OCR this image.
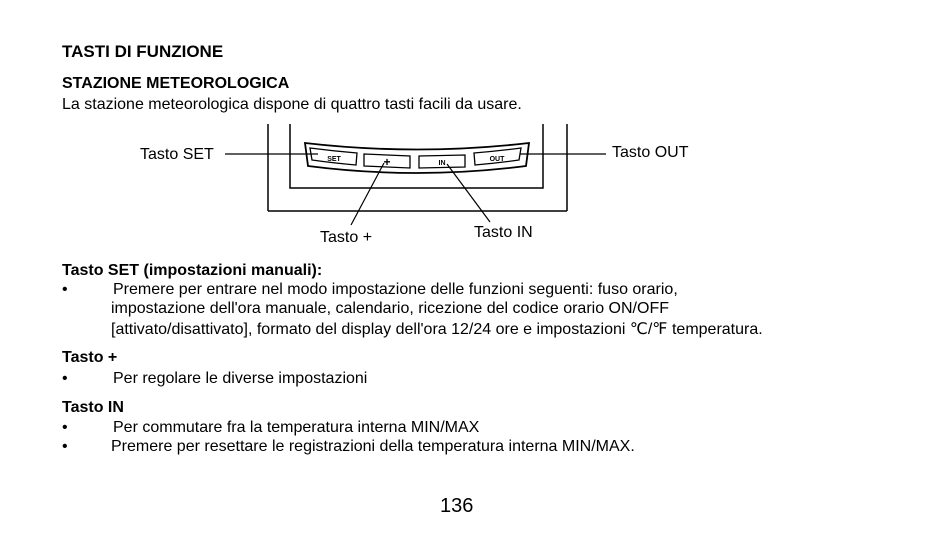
TASTI DI FUNZIONE
STAZIONE METEOROLOGICA
La stazione meteorologica dispone di quattro tasti facili da usare.
SET	+	IN
OUT
Tasto SET	Tasto OUT
Tasto +	Tasto IN
Tasto SET (impostazioni manuali):
•	Premere per entrare nel modo impostazione delle funzioni seguenti: fuso orario,
impostazione dell'ora manuale, calendario, ricezione del codice orario ON/OFF
[attivato/disattivato], formato del display dell'ora 12/24 ore e impostazioni ℃/℉ temperatura.
Tasto +
•	Per regolare le diverse impostazioni
Tasto IN
•	Per commutare fra la temperatura interna MIN/MAX
•	Premere per resettare le registrazioni della temperatura interna MIN/MAX.
136
